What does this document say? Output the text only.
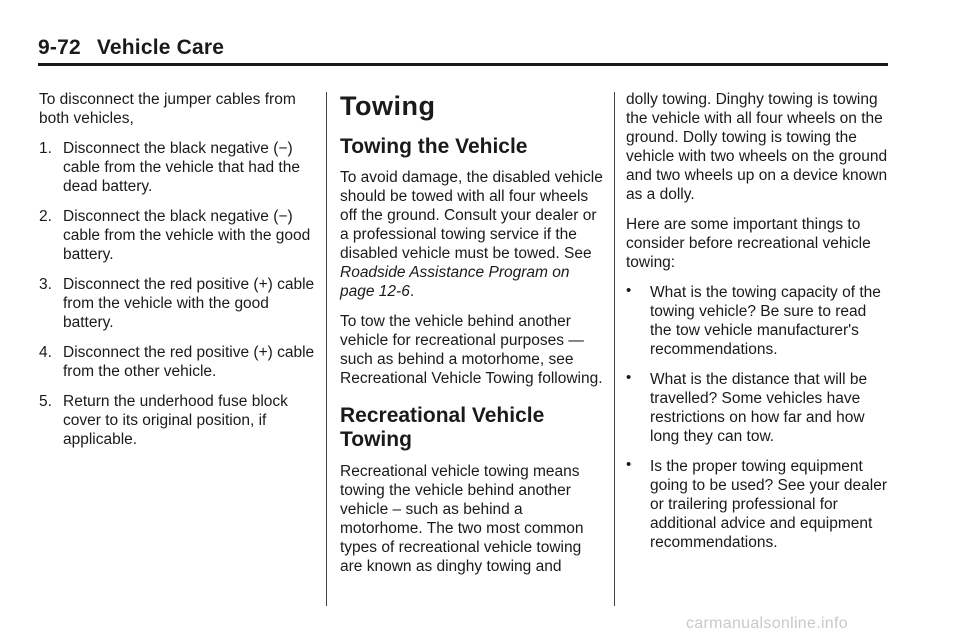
9-72 Vehicle Care

To disconnect the jumper cables from both vehicles,

1. Disconnect the black negative (−) cable from the vehicle that had the dead battery.
2. Disconnect the black negative (−) cable from the vehicle with the good battery.
3. Disconnect the red positive (+) cable from the vehicle with the good battery.
4. Disconnect the red positive (+) cable from the other vehicle.
5. Return the underhood fuse block cover to its original position, if applicable.
Towing
Towing the Vehicle

To avoid damage, the disabled vehicle should be towed with all four wheels off the ground. Consult your dealer or a professional towing service if the disabled vehicle must be towed. See Roadside Assistance Program on page 12-6.

To tow the vehicle behind another vehicle for recreational purposes — such as behind a motorhome, see Recreational Vehicle Towing following.

Recreational Vehicle Towing

Recreational vehicle towing means towing the vehicle behind another vehicle – such as behind a motorhome. The two most common types of recreational vehicle towing are known as dinghy towing and

dolly towing. Dinghy towing is towing the vehicle with all four wheels on the ground. Dolly towing is towing the vehicle with two wheels on the ground and two wheels up on a device known as a dolly.

Here are some important things to consider before recreational vehicle towing:

•	What is the towing capacity of the towing vehicle? Be sure to read the tow vehicle manufacturer's recommendations.
•	What is the distance that will be travelled? Some vehicles have restrictions on how far and how long they can tow.
•	Is the proper towing equipment going to be used? See your dealer or trailering professional for additional advice and equipment recommendations.
carmanualsonline.info
